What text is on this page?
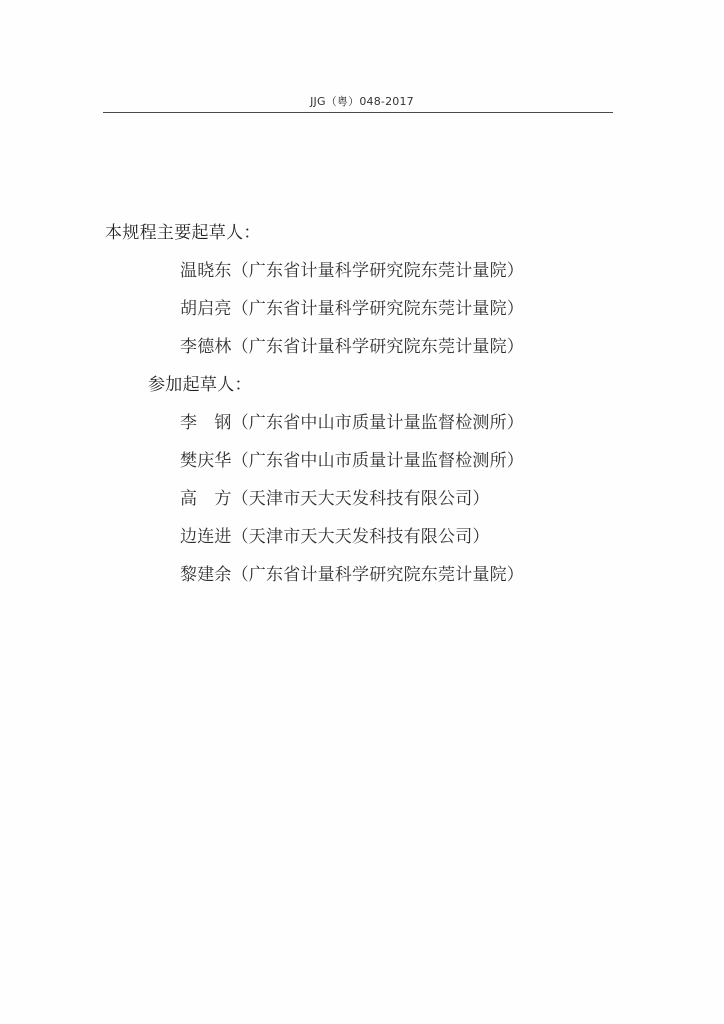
JJG（粤）048-2017
本规程主要起草人：
温晓东（广东省计量科学研究院东莞计量院）
胡启亮（广东省计量科学研究院东莞计量院）
李德林（广东省计量科学研究院东莞计量院）
参加起草人：
李　钢（广东省中山市质量计量监督检测所）
樊庆华（广东省中山市质量计量监督检测所）
高　方（天津市天大天发科技有限公司）
边连进（天津市天大天发科技有限公司）
黎建余（广东省计量科学研究院东莞计量院）
